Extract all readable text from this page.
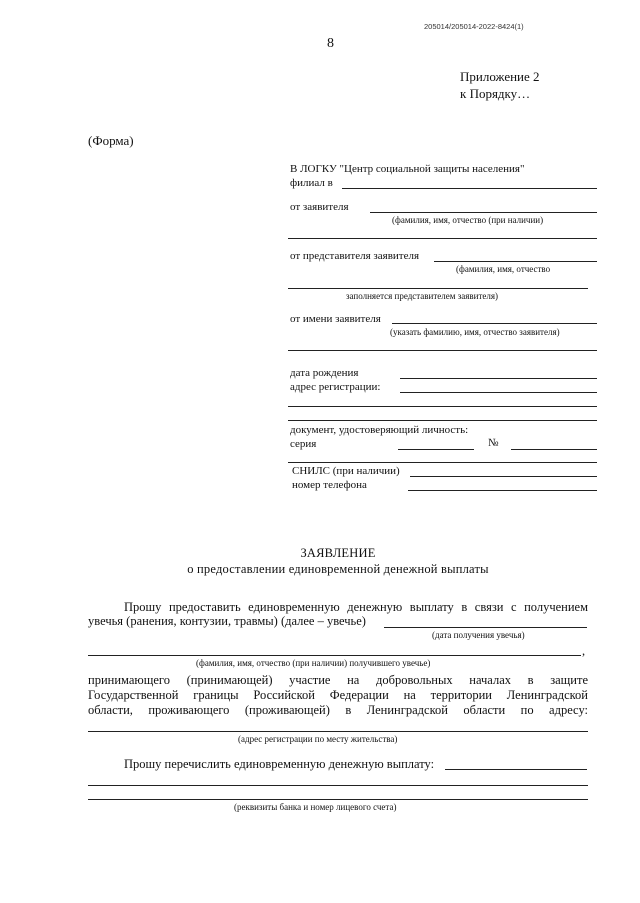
205014/205014-2022-8424(1)
8
Приложение 2
к Порядку…
(Форма)
В ЛОГКУ "Центр социальной защиты населения"
филиал в
от заявителя
(фамилия, имя, отчество (при наличии)
от представителя заявителя
(фамилия, имя, отчество
заполняется представителем заявителя)
от имени заявителя
(указать фамилию, имя, отчество заявителя)
дата рождения
адрес регистрации:
документ, удостоверяющий личность:
серия	№
СНИЛС (при наличии)
номер телефона
ЗАЯВЛЕНИЕ
о предоставлении единовременной денежной выплаты
Прошу предоставить единовременную денежную выплату в связи с получением
увечья (ранения, контузии, травмы) (далее – увечье)
(дата получения увечья)
,
(фамилия, имя, отчество (при наличии) получившего увечье)
принимающего (принимающей) участие на добровольных началах в защите
Государственной границы Российской Федерации на территории Ленинградской
области, проживающего (проживающей) в Ленинградской области по адресу:
(адрес регистрации по месту жительства)
Прошу перечислить единовременную денежную выплату:
(реквизиты банка и номер лицевого счета)
